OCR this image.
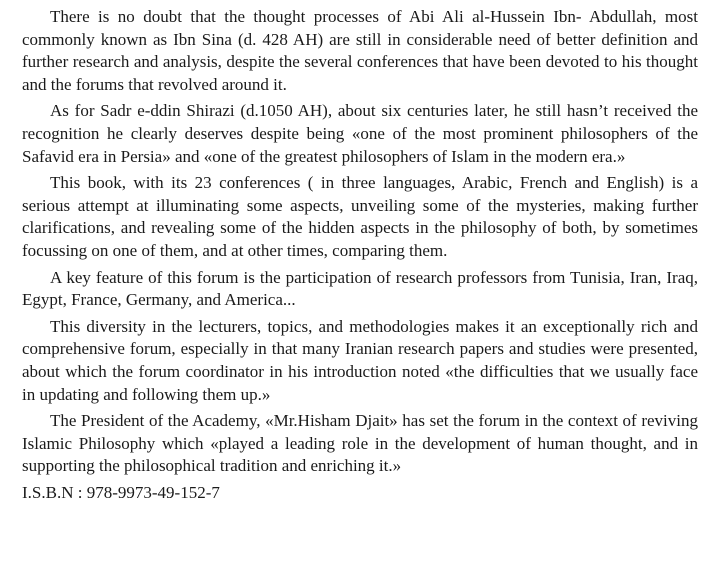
There is no doubt that the thought processes of Abi Ali al-Hussein Ibn- Abdullah, most commonly known as Ibn Sina (d. 428 AH) are still in considerable need of better definition and further research and analysis, despite the several conferences that have been devoted to his thought and the forums that revolved around it.

As for Sadr e-ddin Shirazi (d.1050 AH), about six centuries later, he still hasn’t received the recognition he clearly deserves despite being «one of the most prominent philosophers of the Safavid era in Persia» and «one of the greatest philosophers of Islam in the modern era.»

This book, with its 23 conferences ( in three languages, Arabic, French and English) is a serious attempt at illuminating some aspects, unveiling some of the mysteries, making further clarifications, and revealing some of the hidden aspects in the philosophy of both, by sometimes focussing on one of them, and at other times, comparing them.

A key feature of this forum is the participation of research professors from Tunisia, Iran, Iraq, Egypt, France, Germany, and America...

This diversity in the lecturers, topics, and methodologies makes it an exceptionally rich and comprehensive forum, especially in that many Iranian research papers and studies were presented, about which the forum coordinator in his introduction noted «the difficulties that we usually face in updating and following them up.»

The President of the Academy, «Mr.Hisham Djait» has set the forum in the context of reviving Islamic Philosophy which «played a leading role in the development of human thought, and in supporting the philosophical tradition and enriching it.»

I.S.B.N : 978-9973-49-152-7
